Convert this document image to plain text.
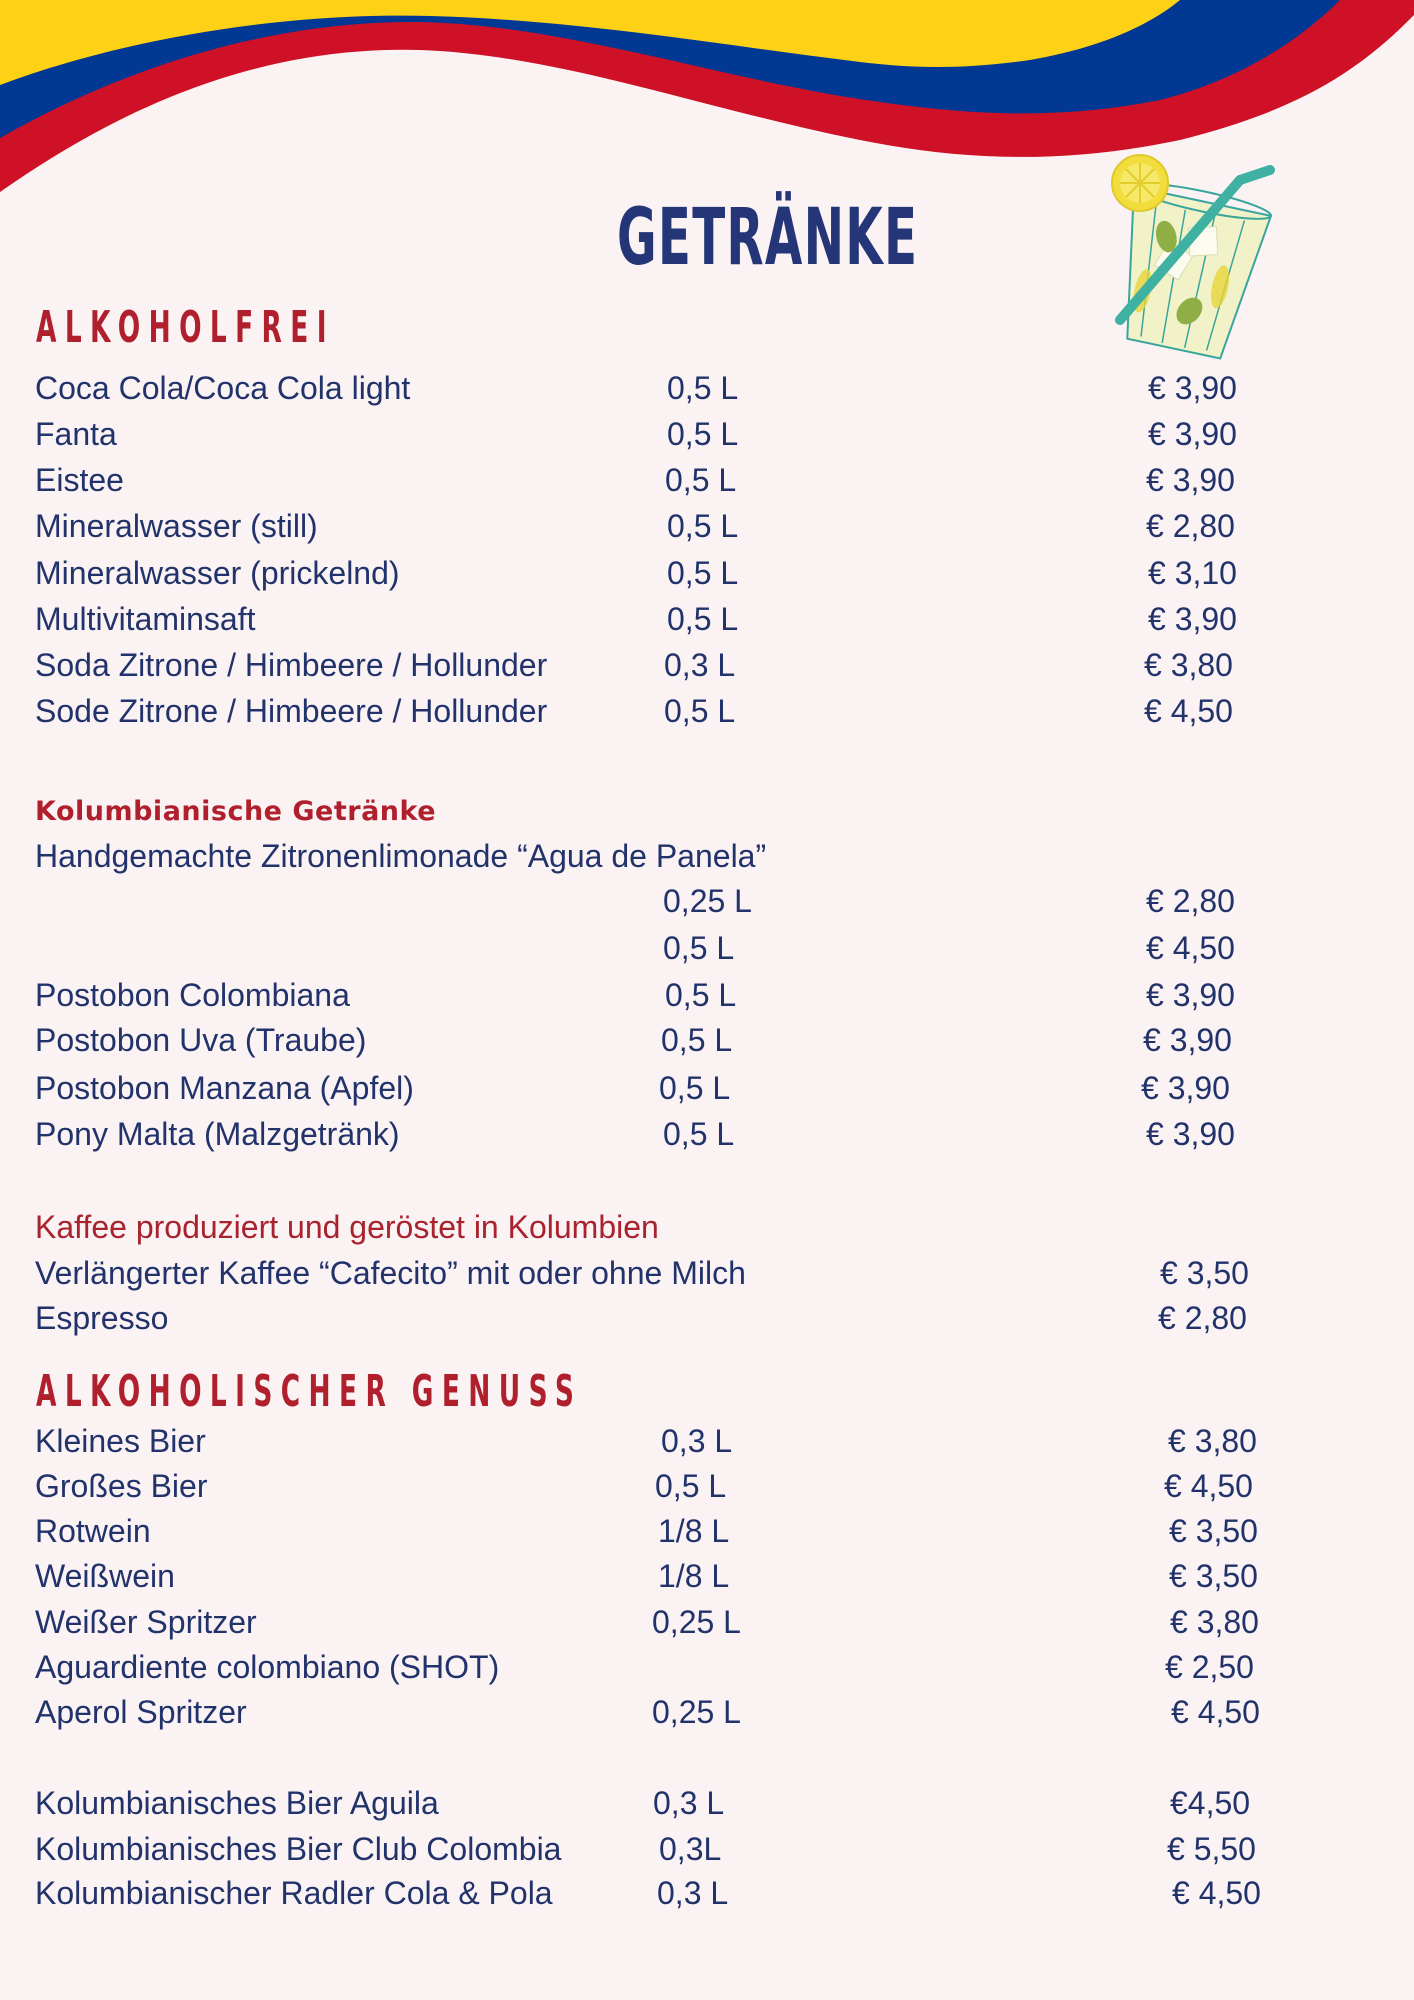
GETRÄNKE
ALKOHOLFREI
Coca Cola/Coca Cola light	0,5 L	€ 3,90
Fanta	0,5 L	€ 3,90
Eistee	0,5 L	€ 3,90
Mineralwasser (still)	0,5 L	€ 2,80
Mineralwasser (prickelnd)	0,5 L	€ 3,10
Multivitaminsaft	0,5 L	€ 3,90
Soda Zitrone / Himbeere / Hollunder	0,3 L	€ 3,80
Sode Zitrone / Himbeere / Hollunder	0,5 L	€ 4,50
Kolumbianische Getränke
Handgemachte Zitronenlimonade “Agua de Panela”
0,25 L	€ 2,80
0,5 L	€ 4,50
Postobon Colombiana	0,5 L	€ 3,90
Postobon Uva (Traube)	0,5 L	€ 3,90
Postobon Manzana (Apfel)	0,5 L	€ 3,90
Pony Malta (Malzgetränk)	0,5 L	€ 3,90
Kaffee produziert und geröstet in Kolumbien
Verlängerter Kaffee “Cafecito” mit oder ohne Milch	€ 3,50
Espresso	€ 2,80
ALKOHOLISCHER GENUSS
Kleines Bier	0,3 L	€ 3,80
Großes Bier	0,5 L	€ 4,50
Rotwein	1/8 L	€ 3,50
Weißwein	1/8 L	€ 3,50
Weißer Spritzer	0,25 L	€ 3,80
Aguardiente colombiano (SHOT)	€ 2,50
Aperol Spritzer	0,25 L	€ 4,50
Kolumbianisches Bier Aguila	0,3 L	€4,50
Kolumbianisches Bier Club Colombia	0,3L	€ 5,50
Kolumbianischer Radler Cola & Pola	0,3 L	€ 4,50
